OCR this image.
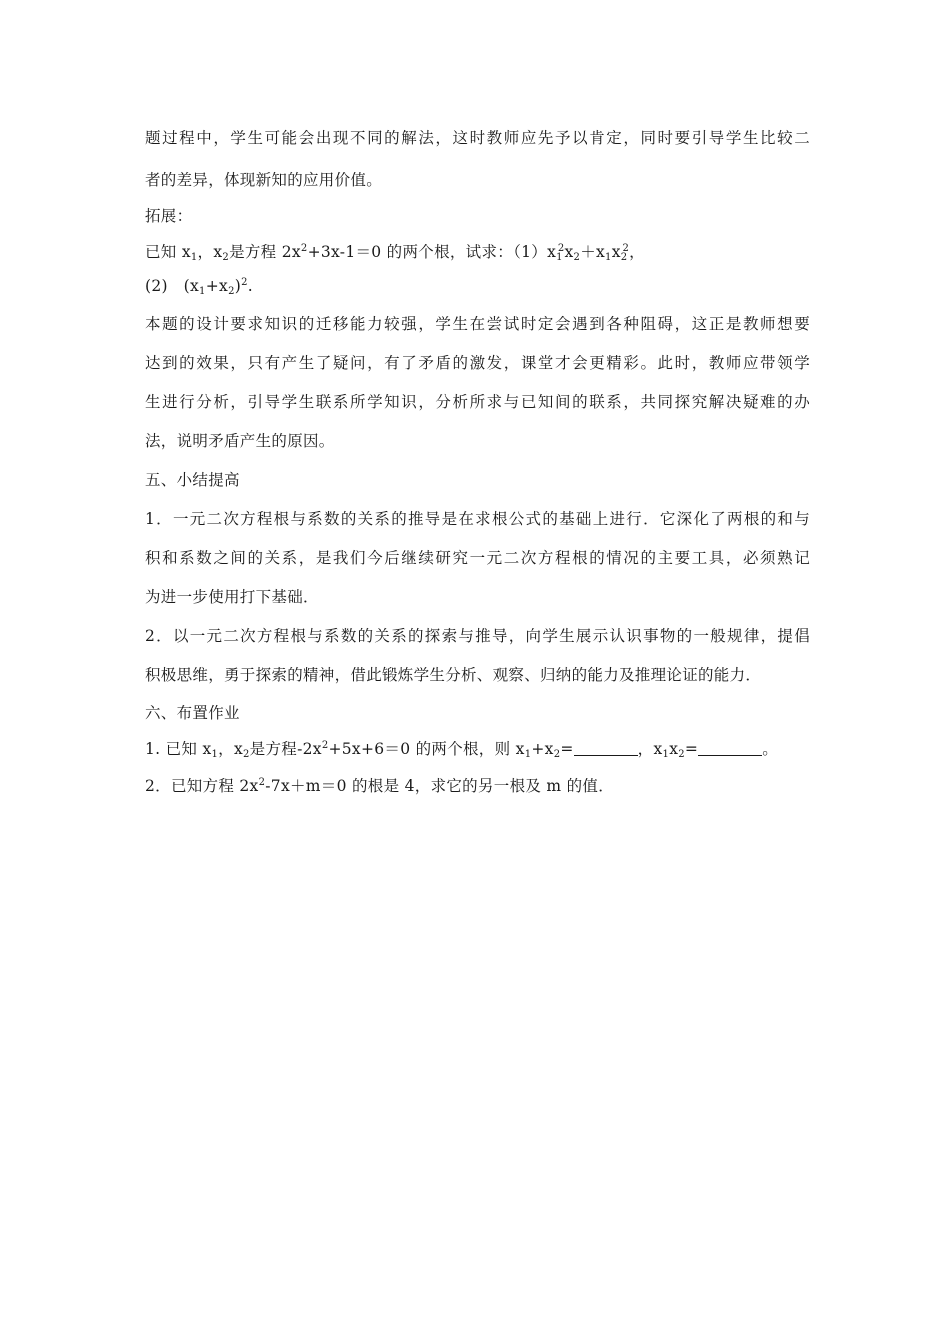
题过程中，学生可能会出现不同的解法，这时教师应先予以肯定，同时要引导学生比较二
者的差异，体现新知的应用价值。
拓展：
已知 $x_1$，$x_2$是方程 $2x^2+3x-1=0$ 的两个根，试求：$(1)x_1^2x_2+x_1x_2^2$，
(2)　$(x_1+x_2)^2$.
本题的设计要求知识的迁移能力较强，学生在尝试时定会遇到各种阻碍，这正是教师想要
达到的效果，只有产生了疑问，有了矛盾的激发，课堂才会更精彩。此时，教师应带领学
生进行分析，引导学生联系所学知识，分析所求与已知间的联系，共同探究解决疑难的办
法，说明矛盾产生的原因。
五、小结提高
1．一元二次方程根与系数的关系的推导是在求根公式的基础上进行．它深化了两根的和与
积和系数之间的关系，是我们今后继续研究一元二次方程根的情况的主要工具，必须熟记
为进一步使用打下基础．
2．以一元二次方程根与系数的关系的探索与推导，向学生展示认识事物的一般规律，提倡
积极思维，勇于探索的精神，借此锻炼学生分析、观察、归纳的能力及推理论证的能力．
六、布置作业
1. 已知 $x_1$，$x_2$是方程$-2x^2+5x+6=0$ 的两个根，则 $x_1+x_2=$	，$x_1x_2=$	。
2．已知方程 $2x^2-7x+m=0$ 的根是 4，求它的另一根及 m 的值．
